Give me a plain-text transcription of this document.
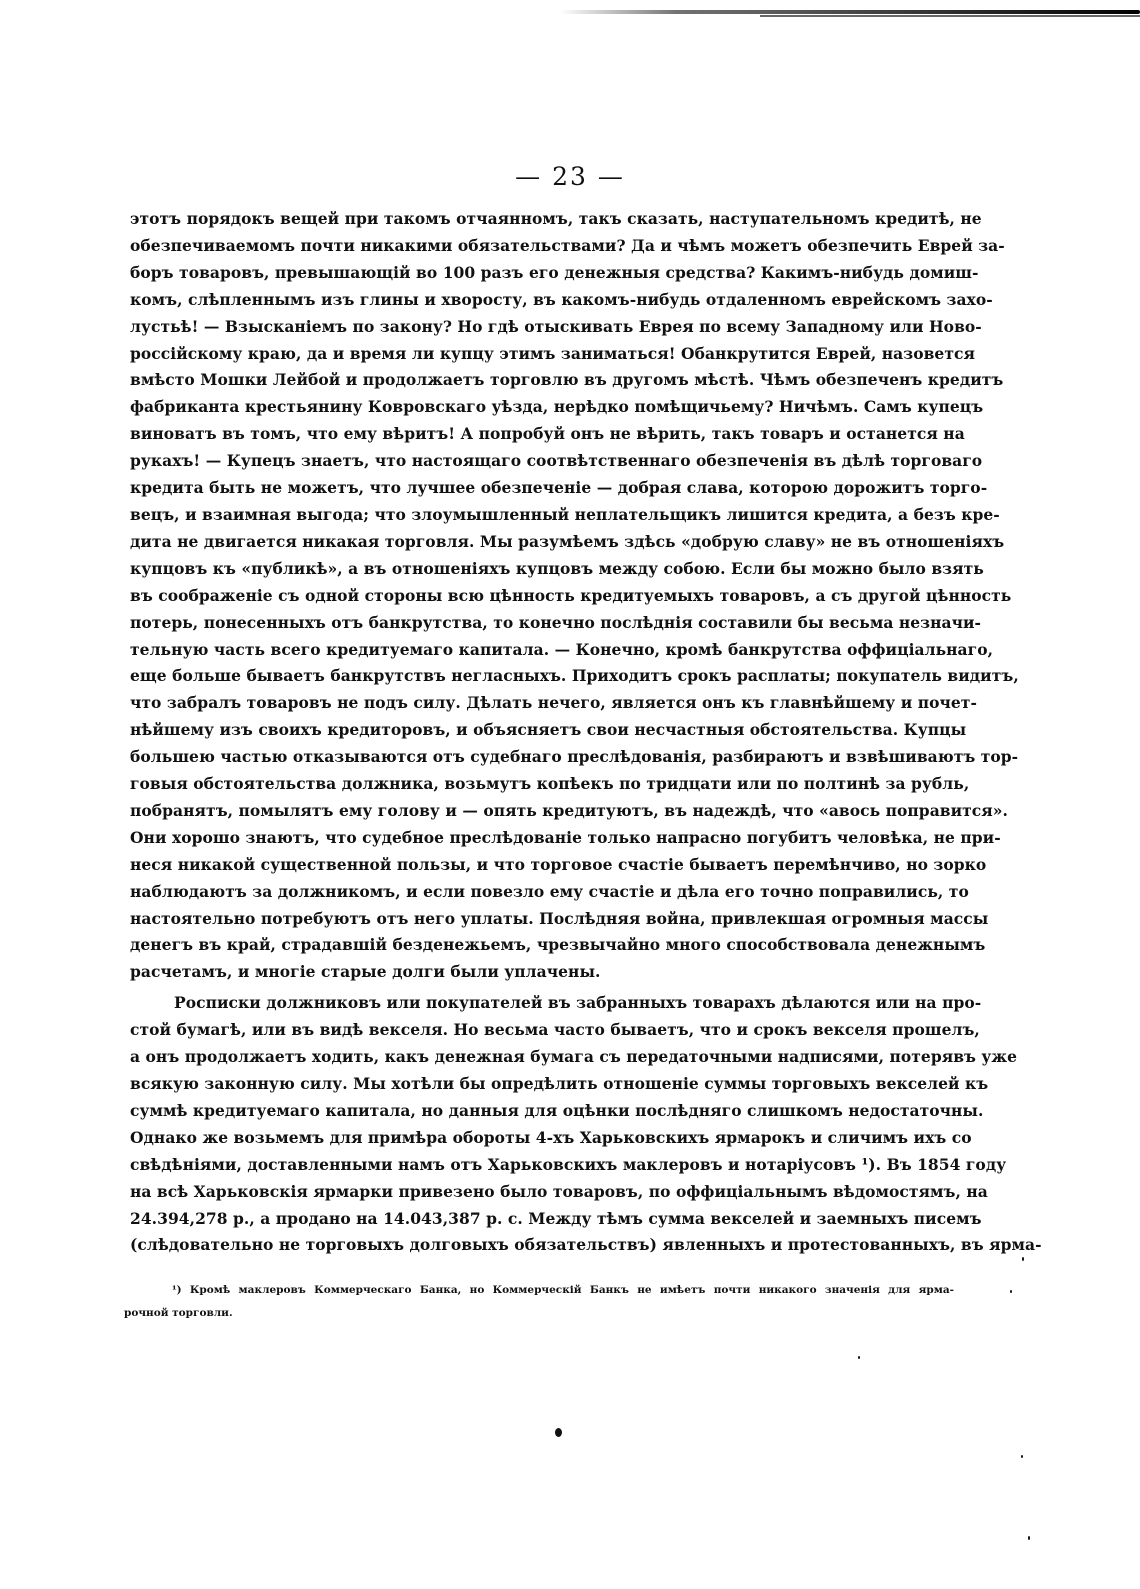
— 23 —
этотъ порядокъ вещей при такомъ отчаянномъ, такъ сказать, наступательномъ кредитѣ, не
обезпечиваемомъ почти никакими обязательствами? Да и чѣмъ можетъ обезпечить Еврей за-
боръ товаровъ, превышающій во 100 разъ его денежныя средства? Какимъ-нибудь домиш-
комъ, слѣпленнымъ изъ глины и хворосту, въ какомъ-нибудь отдаленномъ еврейскомъ захо-
лустьѣ! — Взысканіемъ по закону? Но гдѣ отыскивать Еврея по всему Западному или Ново-
россійскому краю, да и время ли купцу этимъ заниматься! Обанкрутится Еврей, назовется
вмѣсто Мошки Лейбой и продолжаетъ торговлю въ другомъ мѣстѣ. Чѣмъ обезпеченъ кредитъ
фабриканта крестьянину Ковровскаго уѣзда, нерѣдко помѣщичьему? Ничѣмъ. Самъ купецъ
виноватъ въ томъ, что ему вѣритъ! А попробуй онъ не вѣрить, такъ товаръ и останется на
рукахъ! — Купецъ знаетъ, что настоящаго соотвѣтственнаго обезпеченія въ дѣлѣ торговаго
кредита быть не можетъ, что лучшее обезпеченіе — добрая слава, которою дорожитъ торго-
вецъ, и взаимная выгода; что злоумышленный неплательщикъ лишится кредита, а безъ кре-
дита не двигается никакая торговля. Мы разумѣемъ здѣсь «добрую славу» не въ отношеніяхъ
купцовъ къ «публикѣ», а въ отношеніяхъ купцовъ между собою. Если бы можно было взять
въ соображеніе съ одной стороны всю цѣнность кредитуемыхъ товаровъ, а съ другой цѣнность
потерь, понесенныхъ отъ банкрутства, то конечно послѣднія составили бы весьма незначи-
тельную часть всего кредитуемаго капитала. — Конечно, кромѣ банкрутства оффиціальнаго,
еще больше бываетъ банкрутствъ негласныхъ. Приходитъ срокъ расплаты; покупатель видитъ,
что забралъ товаровъ не подъ силу. Дѣлать нечего, является онъ къ главнѣйшему и почет-
нѣйшему изъ своихъ кредиторовъ, и объясняетъ свои несчастныя обстоятельства. Купцы
большею частью отказываются отъ судебнаго преслѣдованія, разбираютъ и взвѣшиваютъ тор-
говыя обстоятельства должника, возьмутъ копѣекъ по тридцати или по полтинѣ за рубль,
побранятъ, помылятъ ему голову и — опять кредитуютъ, въ надеждѣ, что «авось поправится».
Они хорошо знаютъ, что судебное преслѣдованіе только напрасно погубитъ человѣка, не при-
неся никакой существенной пользы, и что торговое счастіе бываетъ перемѣнчиво, но зорко
наблюдаютъ за должникомъ, и если повезло ему счастіе и дѣла его точно поправились, то
настоятельно потребуютъ отъ него уплаты. Послѣдняя война, привлекшая огромныя массы
денегъ въ край, страдавшій безденежьемъ, чрезвычайно много способствовала денежнымъ
расчетамъ, и многіе старые долги были уплачены.
Росписки должниковъ или покупателей въ забранныхъ товарахъ дѣлаются или на про-
стой бумагѣ, или въ видѣ векселя. Но весьма часто бываетъ, что и срокъ векселя прошелъ,
а онъ продолжаетъ ходить, какъ денежная бумага съ передаточными надписями, потерявъ уже
всякую законную силу. Мы хотѣли бы опредѣлить отношеніе суммы торговыхъ векселей къ
суммѣ кредитуемаго капитала, но данныя для оцѣнки послѣдняго слишкомъ недостаточны.
Однако же возьмемъ для примѣра обороты 4-хъ Харьковскихъ ярмарокъ и сличимъ ихъ со
свѣдѣніями, доставленными намъ отъ Харьковскихъ маклеровъ и нотаріусовъ ¹). Въ 1854 году
на всѣ Харьковскія ярмарки привезено было товаровъ, по оффиціальнымъ вѣдомостямъ, на
24.394,278 р., а продано на 14.043,387 р. с. Между тѣмъ сумма векселей и заемныхъ писемъ
(слѣдовательно не торговыхъ долговыхъ обязательствъ) явленныхъ и протестованныхъ, въ ярма-
¹) Кромѣ маклеровъ Коммерческаго Банка, но Коммерческій Банкъ не имѣетъ почти никакого значенія для ярма-
рочной торговли.
